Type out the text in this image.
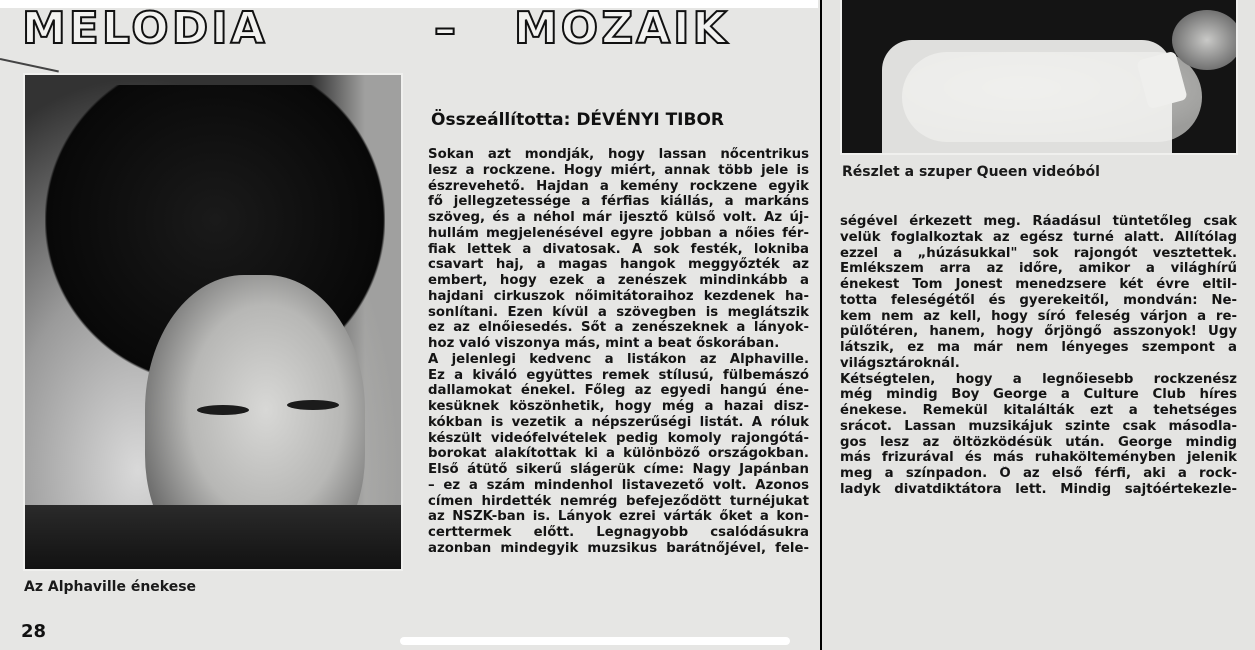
MELODIA

	–

MOZAIK

Az Alphaville énekese
28
Összeállította: DÉVÉNYI TIBOR
Sokan azt mondják, hogy lassan nőcentrikus
lesz a rockzene. Hogy miért, annak több jele is
észrevehető. Hajdan a kemény rockzene egyik
fő jellegzetessége a férfias kiállás, a markáns
szöveg, és a néhol már ijesztő külső volt. Az új-
hullám megjelenésével egyre jobban a nőies fér-
fiak lettek a divatosak. A sok festék, lokniba
csavart haj, a magas hangok meggyőzték az
embert, hogy ezek a zenészek mindinkább a
hajdani cirkuszok nőimitátoraihoz kezdenek ha-
sonlítani. Ezen kívül a szövegben is meglátszik
ez az elnőiesedés. Sőt a zenészeknek a lányok-
hoz való viszonya más, mint a beat őskorában.
A jelenlegi kedvenc a listákon az Alphaville.
Ez a kiváló együttes remek stílusú, fülbemászó
dallamokat énekel. Főleg az egyedi hangú éne-
kesüknek köszönhetik, hogy még a hazai disz-
kókban is vezetik a népszerűségi listát. A róluk
készült videófelvételek pedig komoly rajongótá-
borokat alakítottak ki a különböző országokban.
Első átütő sikerű slágerük címe: Nagy Japánban
– ez a szám mindenhol listavezető volt. Azonos
címen hirdették nemrég befejeződött turnéjukat
az NSZK-ban is. Lányok ezrei várták őket a kon-
certtermek előtt. Legnagyobb csalódásukra
azonban mindegyik muzsikus barátnőjével, fele-
Részlet a szuper Queen videóból
ségével érkezett meg. Ráadásul tüntetőleg csak
velük foglalkoztak az egész turné alatt. Állítólag
ezzel a „húzásukkal" sok rajongót vesztettek.
Emlékszem arra az időre, amikor a világhírű
énekest Tom Jonest menedzsere két évre eltil-
totta feleségétől és gyerekeitől, mondván: Ne-
kem nem az kell, hogy síró feleség várjon a re-
pülőtéren, hanem, hogy őrjöngő asszonyok! Úgy
látszik, ez ma már nem lényeges szempont a
világsztároknál.
Kétségtelen, hogy a legnőiesebb rockzenész
még mindig Boy George a Culture Club híres
énekese. Remekül kitalálták ezt a tehetséges
srácot. Lassan muzsikájuk szinte csak másodla-
gos lesz az öltözködésük után. George mindig
más frizurával és más ruhakölteményben jelenik
meg a színpadon. Ő az első férfi, aki a rock-
ladyk divatdiktátora lett. Mindig sajtóértekezle-
